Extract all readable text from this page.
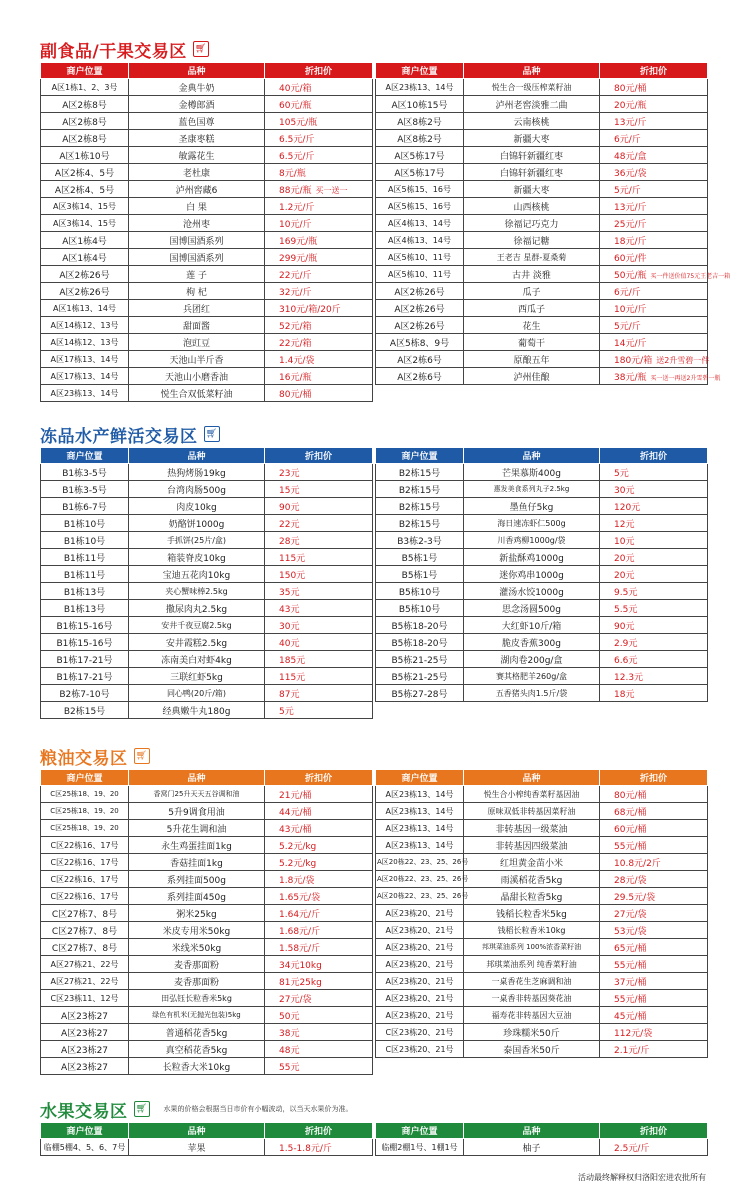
副食品/干果交易区 🛒︎
商户位置	品种	折扣价
A区1栋1、2、3号	金典牛奶	40元/箱
A区2栋8号	金樽郎酒	60元/瓶
A区2栋8号	蓝色国尊	105元/瓶
A区2栋8号	圣康枣糕	6.5元/斤
A区1栋10号	敏露花生	6.5元/斤
A区2栋4、5号	老杜康	8元/瓶
A区2栋4、5号	泸州窖藏6	88元/瓶 买一送一
A区3栋14、15号	白 果	1.2元/斤
A区3栋14、15号	沧州枣	10元/斤
A区1栋4号	国博国酒系列	169元/瓶
A区1栋4号	国博国酒系列	299元/瓶
A区2栋26号	莲 子	22元/斤
A区2栋26号	枸 杞	32元/斤
A区1栋13、14号	兵团红	310元/箱/20斤
A区14栋12、13号	甜面酱	52元/箱
A区14栋12、13号	泡豇豆	22元/箱
A区17栋13、14号	天池山半斤香	1.4元/袋
A区17栋13、14号	天池山小磨香油	16元/瓶
A区23栋13、14号	悦生合双低菜籽油	80元/桶
商户位置	品种	折扣价
A区23栋13、14号	悦生合一级压榨菜籽油	80元/桶
A区10栋15号	泸州老窖淡雅二曲	20元/瓶
A区8栋2号	云南核桃	13元/斤
A区8栋2号	新疆大枣	6元/斤
A区5栋17号	白锦轩新疆红枣	48元/盒
A区5栋17号	白锦轩新疆红枣	36元/袋
A区5栋15、16号	新疆大枣	5元/斤
A区5栋15、16号	山西核桃	13元/斤
A区4栋13、14号	徐福记巧克力	25元/斤
A区4栋13、14号	徐福记糖	18元/斤
A区5栋10、11号	王老吉 星群-夏桑菊	60元/件
A区5栋10、11号	古井 淡雅	50元/瓶 买一件送价值75元王老吉一箱
A区2栋26号	瓜子	6元/斤
A区2栋26号	西瓜子	10元/斤
A区2栋26号	花生	5元/斤
A区5栋8、9号	葡萄干	14元/斤
A区2栋6号	原酿五年	180元/箱 送2升雪碧一件
A区2栋6号	泸州佳酿	38元/瓶 买一送一再送2升雪碧一瓶
冻品水产鲜活交易区 🛒︎
商户位置	品种	折扣价
B1栋3-5号	热狗烤肠19kg	23元
B1栋3-5号	台湾肉肠500g	15元
B1栋6-7号	肉皮10kg	90元
B1栋10号	奶酪饼1000g	22元
B1栋10号	手抓饼(25片/盒)	28元
B1栋11号	箱装脊皮10kg	115元
B1栋11号	宝迪五花肉10kg	150元
B1栋13号	夹心蟹味棒2.5kg	35元
B1栋13号	撒尿肉丸2.5kg	43元
B1栋15-16号	安井千夜豆腐2.5kg	30元
B1栋15-16号	安井霞糕2.5kg	40元
B1栋17-21号	冻南美白对虾4kg	185元
B1栋17-21号	三联红虾5kg	115元
B2栋7-10号	同心鸭(20斤/箱)	87元
B2栋15号	经典嫩牛丸180g	5元
商户位置	品种	折扣价
B2栋15号	芒果慕斯400g	5元
B2栋15号	惠发美食系列丸子2.5kg	30元
B2栋15号	墨鱼仔5kg	120元
B2栋15号	海日速冻虾仁500g	12元
B3栋2-3号	川香鸡柳1000g/袋	10元
B5栋1号	新盐酥鸡1000g	20元
B5栋1号	迷你鸡串1000g	20元
B5栋10号	灌汤水饺1000g	9.5元
B5栋10号	思念汤圆500g	5.5元
B5栋18-20号	大红虾10斤/箱	90元
B5栋18-20号	脆皮香蕉300g	2.9元
B5栋21-25号	湖肉卷200g/盒	6.6元
B5栋21-25号	赛其格肥羊260g/盒	12.3元
B5栋27-28号	五香猪头肉1.5斤/袋	18元
粮油交易区 🛒︎
商户位置	品种	折扣价
C区25栋18、19、20	香窝门25升天天五谷调和油	21元/桶
C区25栋18、19、20	5升9调食用油	44元/桶
C区25栋18、19、20	5升花生调和油	43元/桶
C区22栋16、17号	永生鸡蛋挂面1kg	5.2元/kg
C区22栋16、17号	香菇挂面1kg	5.2元/kg
C区22栋16、17号	系列挂面500g	1.8元/袋
C区22栋16、17号	系列挂面450g	1.65元/袋
C区27栋7、8号	粥米25kg	1.64元/斤
C区27栋7、8号	米皮专用米50kg	1.68元/斤
C区27栋7、8号	米线米50kg	1.58元/斤
A区27栋21、22号	麦香那面粉	34元10kg
A区27栋21、22号	麦香那面粉	81元25kg
C区23栋11、12号	田弘钰长粒香米5kg	27元/袋
A区23栋27	绿色有机米(无抛光包装)5kg	50元
A区23栋27	普通稻花香5kg	38元
A区23栋27	真空稻花香5kg	48元
A区23栋27	长粒香大米10kg	55元
商户位置	品种	折扣价
A区23栋13、14号	悦生合小榨纯香菜籽基因油	80元/桶
A区23栋13、14号	原味双低非转基因菜籽油	68元/桶
A区23栋13、14号	非转基因一级菜油	60元/桶
A区23栋13、14号	非转基因四级菜油	55元/桶
A区20栋22、23、25、26号	红坦黄金苗小米	10.8元/2斤
A区20栋22、23、25、26号	雨溪稻花香5kg	28元/袋
A区20栋22、23、25、26号	晶甜长粒香5kg	29.5元/袋
A区23栋20、21号	钱稻长粒香米5kg	27元/袋
A区23栋20、21号	钱稻长粒香米10kg	53元/袋
A区23栋20、21号	邦琪菜油系列 100%浓香菜籽油	65元/桶
A区23栋20、21号	邦琪菜油系列 纯香菜籽油	55元/桶
A区23栋20、21号	一桌香花生芝麻调和油	37元/桶
A区23栋20、21号	一桌香非转基因葵花油	55元/桶
A区23栋20、21号	福寿花非转基因大豆油	45元/桶
C区23栋20、21号	珍珠糯米50斤	112元/袋
C区23栋20、21号	泰国香米50斤	2.1元/斤
水果交易区 🛒︎	水果的价格会根据当日市价有小幅波动，以当天水果价为准。
商户位置	品种	折扣价
临棚5棚4、5、6、7号	苹果	1.5-1.8元/斤
商户位置	品种	折扣价
临棚2棚1号、1棚1号	柚子	2.5元/斤
活动最终解释权归洛阳宏进农批所有
